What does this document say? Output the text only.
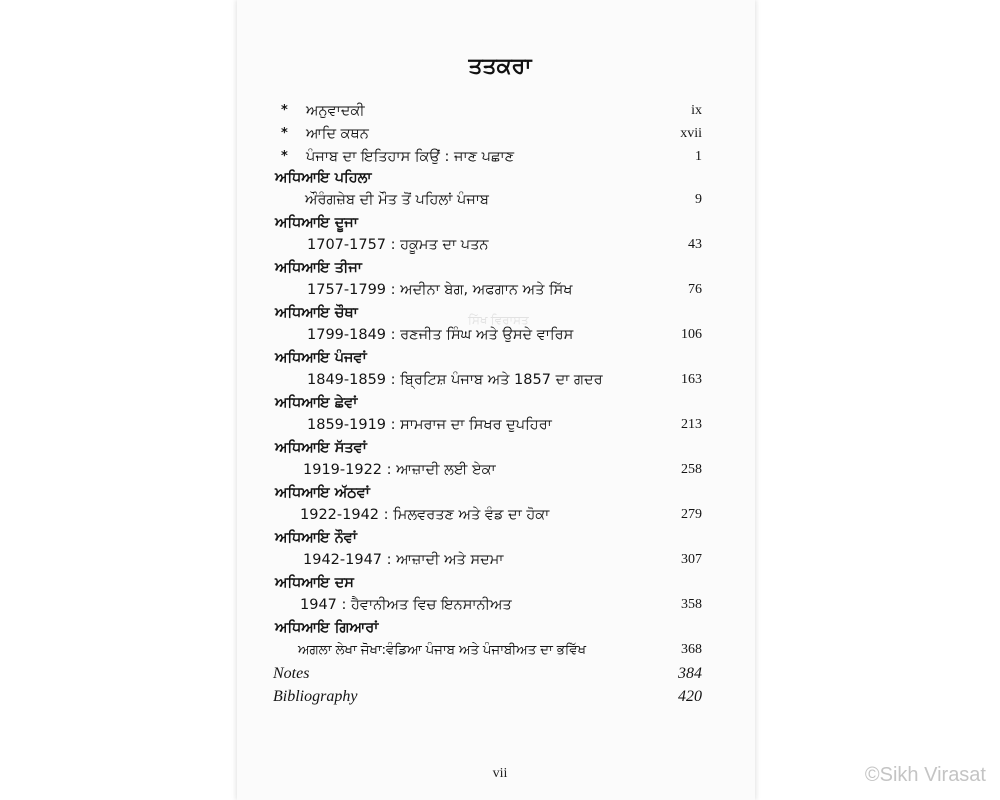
ਤਤਕਰਾ
* ਅਨੁਵਾਦਕੀ	ix
* ਆਦਿ ਕਥਨ	xvii
* ਪੰਜਾਬ ਦਾ ਇਤਿਹਾਸ ਕਿਉਂ : ਜਾਣ ਪਛਾਣ	1
ਅਧਿਆਇ ਪਹਿਲਾ
ਔਰੰਗਜ਼ੇਬ ਦੀ ਮੌਤ ਤੋਂ ਪਹਿਲਾਂ ਪੰਜਾਬ	9
ਅਧਿਆਇ ਦੂਜਾ
1707-1757 : ਹਕੂਮਤ ਦਾ ਪਤਨ	43
ਅਧਿਆਇ ਤੀਜਾ
1757-1799 : ਅਦੀਨਾ ਬੇਗ, ਅਫਗਾਨ ਅਤੇ ਸਿੱਖ	76
ਅਧਿਆਇ ਚੌਥਾ
1799-1849 : ਰਣਜੀਤ ਸਿੰਘ ਅਤੇ ਉਸਦੇ ਵਾਰਿਸ	106
ਅਧਿਆਇ ਪੰਜਵਾਂ
1849-1859 : ਬ੍ਰਿਟਿਸ਼ ਪੰਜਾਬ ਅਤੇ 1857 ਦਾ ਗਦਰ	163
ਅਧਿਆਇ ਛੇਵਾਂ
1859-1919 : ਸਾਮਰਾਜ ਦਾ ਸਿਖਰ ਦੁਪਹਿਰਾ	213
ਅਧਿਆਇ ਸੱਤਵਾਂ
1919-1922 : ਆਜ਼ਾਦੀ ਲਈ ਏਕਾ	258
ਅਧਿਆਇ ਅੱਠਵਾਂ
1922-1942 : ਮਿਲਵਰਤਣ ਅਤੇ ਵੰਡ ਦਾ ਹੋਕਾ	279
ਅਧਿਆਇ ਨੌਵਾਂ
1942-1947 : ਆਜ਼ਾਦੀ ਅਤੇ ਸਦਮਾ	307
ਅਧਿਆਇ ਦਸ
1947 : ਹੈਵਾਨੀਅਤ ਵਿਚ ਇਨਸਾਨੀਅਤ	358
ਅਧਿਆਇ ਗਿਆਰਾਂ
ਅਗਲਾ ਲੇਖਾ ਜੋਖਾ:ਵੰਡਿਆ ਪੰਜਾਬ ਅਤੇ ਪੰਜਾਬੀਅਤ ਦਾ ਭਵਿੱਖ	368
Notes	384
Bibliography	420
ਸਿੱਖ ਵਿਰਾਸਤ
vii	©Sikh Virasat
